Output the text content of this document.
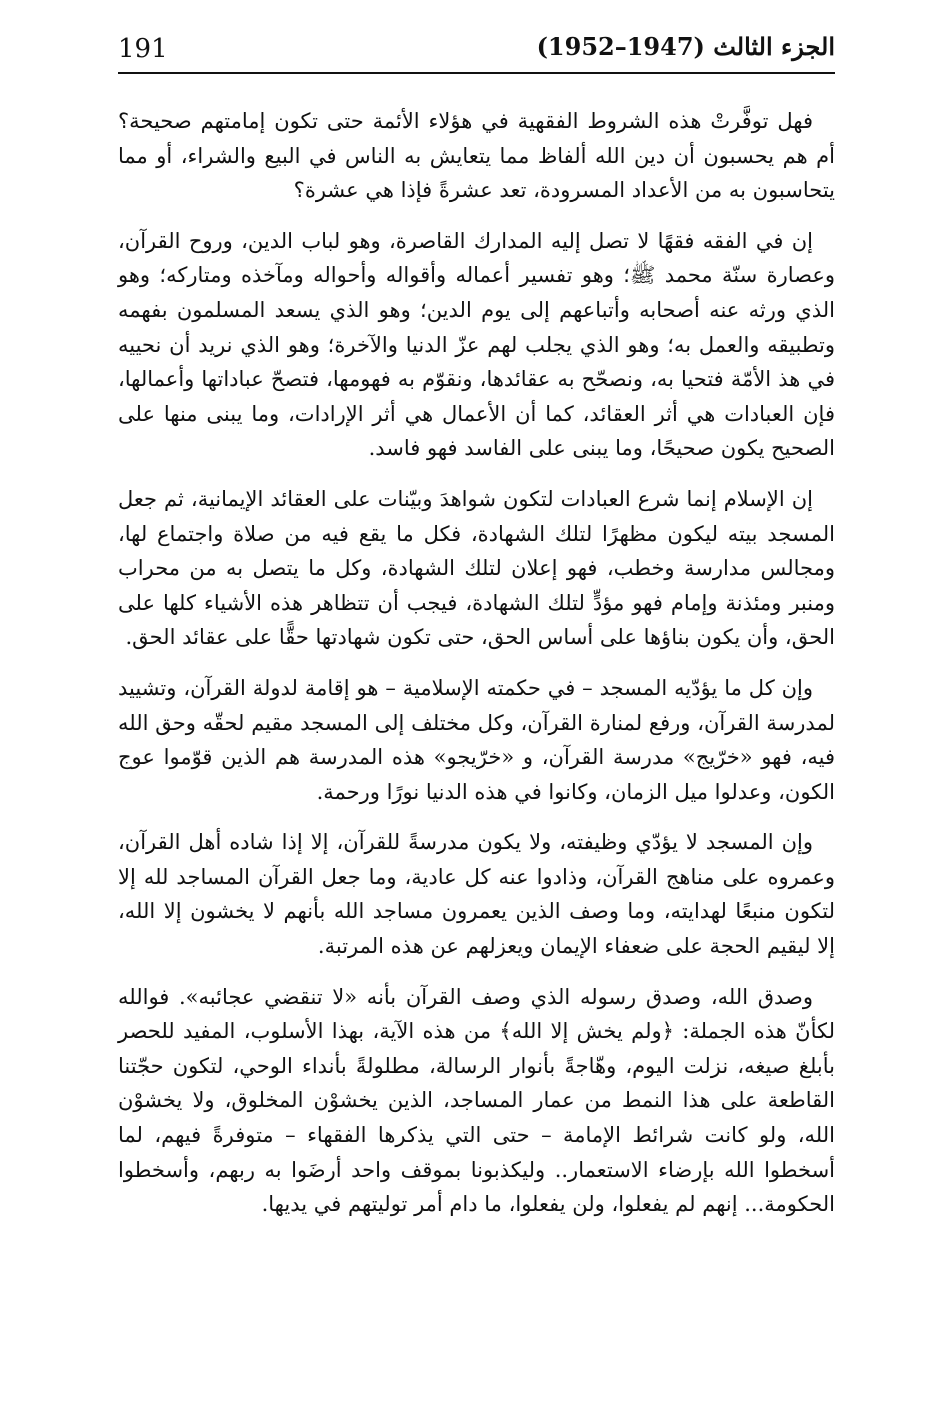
191	الجزء الثالث (1947–1952)

فهل توفَّرتْ هذه الشروط الفقهية في هؤلاء الأئمة حتى تكون إمامتهم صحيحة؟ أم هم يحسبون أن دين الله ألفاظ مما يتعايش به الناس في البيع والشراء، أو مما يتحاسبون به من الأعداد المسرودة، تعد عشرةً فإذا هي عشرة؟

إن في الفقه فقهًا لا تصل إليه المدارك القاصرة، وهو لباب الدين، وروح القرآن، وعصارة سنّة محمد ﷺ؛ وهو تفسير أعماله وأقواله وأحواله ومآخذه ومتاركه؛ وهو الذي ورثه عنه أصحابه وأتباعهم إلى يوم الدين؛ وهو الذي يسعد المسلمون بفهمه وتطبيقه والعمل به؛ وهو الذي يجلب لهم عزّ الدنيا والآخرة؛ وهو الذي نريد أن نحييه في هذ الأمّة فتحيا به، ونصحّح به عقائدها، ونقوّم به فهومها، فتصحّ عباداتها وأعمالها، فإن العبادات هي أثر العقائد، كما أن الأعمال هي أثر الإرادات، وما يبنى منها على الصحيح يكون صحيحًا، وما يبنى على الفاسد فهو فاسد.

إن الإسلام إنما شرع العبادات لتكون شواهدَ وبيّنات على العقائد الإيمانية، ثم جعل المسجد بيته ليكون مظهرًا لتلك الشهادة، فكل ما يقع فيه من صلاة واجتماع لها، ومجالس مدارسة وخطب، فهو إعلان لتلك الشهادة، وكل ما يتصل به من محراب ومنبر ومئذنة وإمام فهو مؤدٍّ لتلك الشهادة، فيجب أن تتظاهر هذه الأشياء كلها على الحق، وأن يكون بناؤها على أساس الحق، حتى تكون شهادتها حقًّا على عقائد الحق.

وإن كل ما يؤدّيه المسجد – في حكمته الإسلامية – هو إقامة لدولة القرآن، وتشييد لمدرسة القرآن، ورفع لمنارة القرآن، وكل مختلف إلى المسجد مقيم لحقّه وحق الله فيه، فهو «خرّيج» مدرسة القرآن، و «خرّيجو» هذه المدرسة هم الذين قوّموا عوج الكون، وعدلوا ميل الزمان، وكانوا في هذه الدنيا نورًا ورحمة.

وإن المسجد لا يؤدّي وظيفته، ولا يكون مدرسةً للقرآن، إلا إذا شاده أهل القرآن، وعمروه على مناهج القرآن، وذادوا عنه كل عادية، وما جعل القرآن المساجد لله إلا لتكون منبعًا لهدايته، وما وصف الذين يعمرون مساجد الله بأنهم لا يخشون إلا الله، إلا ليقيم الحجة على ضعفاء الإيمان ويعزلهم عن هذه المرتبة.

وصدق الله، وصدق رسوله الذي وصف القرآن بأنه «لا تنقضي عجائبه». فوالله لكأنّ هذه الجملة: ﴿ولم يخش إلا الله﴾ من هذه الآية، بهذا الأسلوب، المفيد للحصر بأبلغ صيغه، نزلت اليوم، وهّاجةً بأنوار الرسالة، مطلولةً بأنداء الوحي، لتكون حجّتنا القاطعة على هذا النمط من عمار المساجد، الذين يخشوْن المخلوق، ولا يخشوْن الله، ولو كانت شرائط الإمامة – حتى التي يذكرها الفقهاء – متوفرةً فيهم، لما أسخطوا الله بإرضاء الاستعمار.. وليكذبونا بموقف واحد أرضَوا به ربهم، وأسخطوا الحكومة... إنهم لم يفعلوا، ولن يفعلوا، ما دام أمر توليتهم في يديها.
